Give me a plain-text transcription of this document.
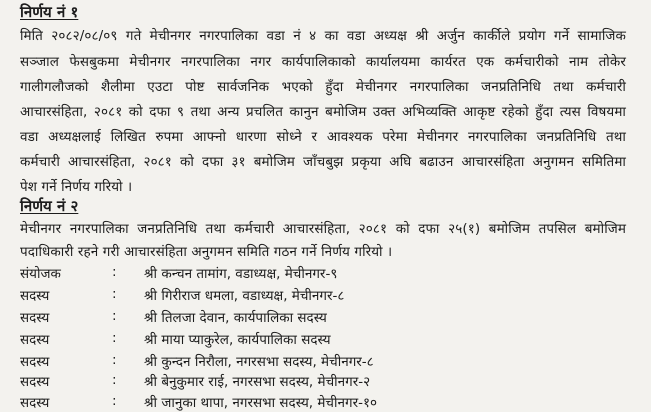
निर्णय नं १
मिति २०८२/०८/०९ गते मेचीनगर नगरपालिका वडा नं ४ का वडा अध्यक्ष श्री अर्जुन कार्कीले प्रयोग गर्ने सामाजिक
सञ्जाल फेसबुकमा मेचीनगर नगरपालिका नगर कार्यपालिकाको कार्यालयमा कार्यरत एक कर्मचारीको नाम तोकेर
गालीगलौजको शैलीमा एउटा पोष्ट सार्वजनिक भएको हुँदा मेचीनगर नगरपालिका जनप्रतिनिधि तथा कर्मचारी
आचारसंहिता, २०८१ को दफा ९ तथा अन्य प्रचलित कानुन बमोजिम उक्त अभिव्यक्ति आकृष्ट रहेको हुँदा त्यस विषयमा
वडा अध्यक्षलाई लिखित रुपमा आफ्नो धारणा सोध्ने र आवश्यक परेमा मेचीनगर नगरपालिका जनप्रतिनिधि तथा
कर्मचारी आचारसंहिता, २०८१ को दफा ३१ बमोजिम जाँचबुझ प्रकृया अघि बढाउन आचारसंहिता अनुगमन समितिमा
पेश गर्ने निर्णय गरियो ।
निर्णय नं २
मेचीनगर नगरपालिका जनप्रतिनिधि तथा कर्मचारी आचारसंहिता, २०८१ को दफा २५(१) बमोजिम तपसिल बमोजिम
पदाधिकारी रहने गरी आचारसंहिता अनुगमन समिति गठन गर्ने निर्णय गरियो ।
संयोजक	: श्री कन्चन तामांग, वडाध्यक्ष, मेचीनगर-९
सदस्य	: श्री गिरीराज धमला, वडाध्यक्ष, मेचीनगर-८
सदस्य	: श्री तिलजा देवान, कार्यपालिका सदस्य
सदस्य	: श्री माया प्याकुरेल, कार्यपालिका सदस्य
सदस्य	: श्री कुन्दन निरौला, नगरसभा सदस्य, मेचीनगर-८
सदस्य	: श्री बेनुकुमार राई, नगरसभा सदस्य, मेचीनगर-२
सदस्य	: श्री जानुका थापा, नगरसभा सदस्य, मेचीनगर-१०
